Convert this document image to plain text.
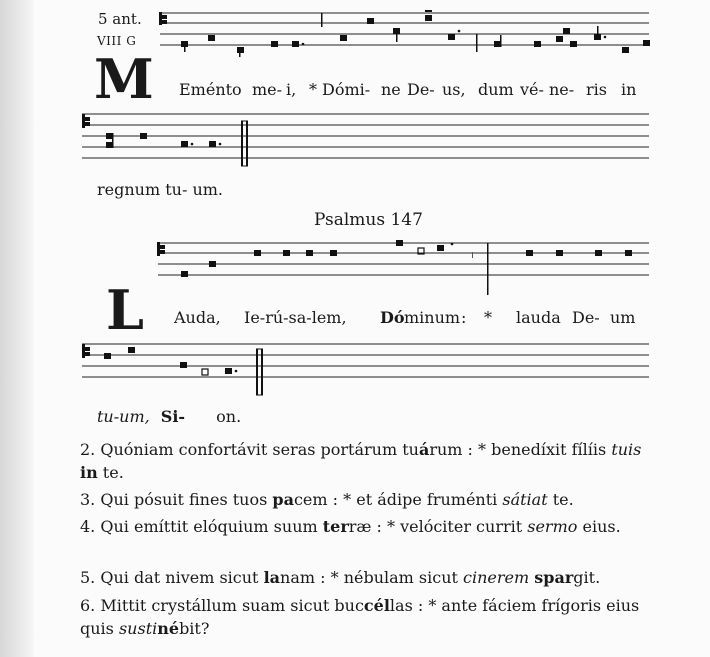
5 ant.
VIII G
M Eménto me- i, * Dómi- ne De- us, dum vé- ne- ris in
regnum tu- um.
Psalmus 147
L Auda, Ie-rú-sa-lem, Dó minum : * lauda De- um
tu-um, Si- on.
2. Quóniam confortávit seras portárum tuárum : * benedíxit fílíis tuis in te.
3. Qui pósuit fines tuos pacem : * et ádipe fruménti sátiat te.
4. Qui emíttit elóquium suum terræ : * velóciter currit sermo eius.
5. Qui dat nivem sicut lanam : * nébulam sicut cinerem spargit.
6. Mittit crystállum suam sicut buccéllas : * ante fáciem frígoris eius quis sustinébit?
